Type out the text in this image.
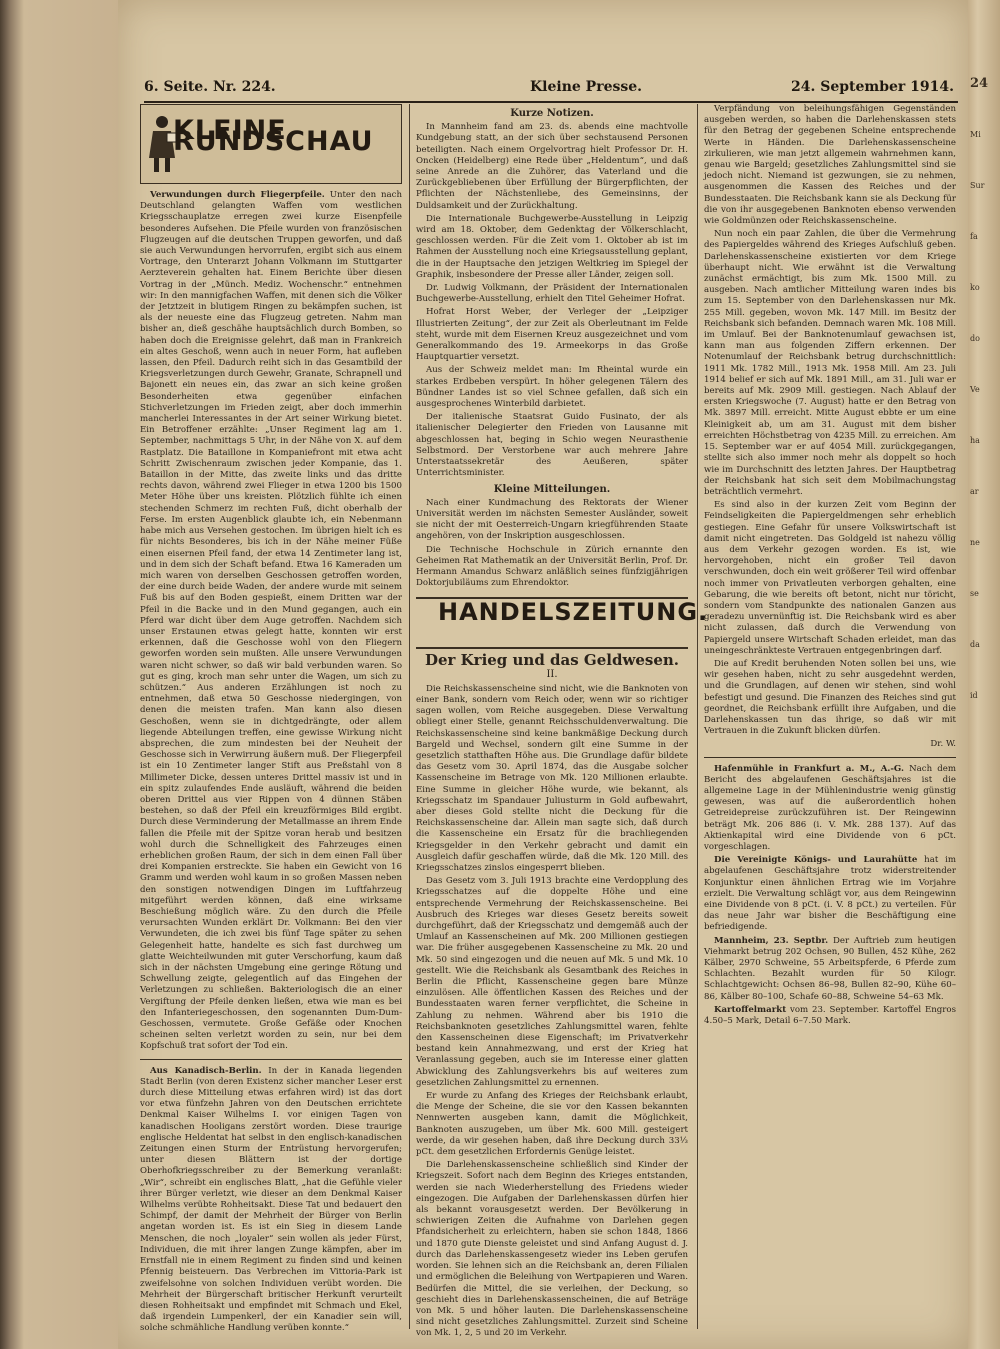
24
Mi
Sur
fa
ko
do
Ve
ha
ar
ne
se
da
id
6. Seite. Nr. 224.	Kleine Presse.	24. September 1914.
KLEINE RUNDSCHAU

Verwundungen durch Fliegerpfeile. Unter den nach Deutschland gelangten Waffen vom westlichen Kriegsschauplatze erregen zwei kurze Eisenpfeile besonderes Aufsehen. Die Pfeile wurden von französischen Flugzeugen auf die deutschen Truppen geworfen, und daß sie auch Verwundungen hervorrufen, ergibt sich aus einem Vortrage, den Unterarzt Johann Volkmann im Stuttgarter Aerzteverein gehalten hat. Einem Berichte über diesen Vortrag in der „Münch. Mediz. Wochenschr.“ entnehmen wir: In den mannigfachen Waffen, mit denen sich die Völker der Jetztzeit in blutigem Ringen zu bekämpfen suchen, ist als der neueste eine das Flugzeug getreten. Nahm man bisher an, dieß geschähe hauptsächlich durch Bomben, so haben doch die Ereignisse gelehrt, daß man in Frankreich ein altes Geschoß, wenn auch in neuer Form, hat aufleben lassen, den Pfeil. Dadurch reiht sich in das Gesamtbild der Kriegsverletzungen durch Gewehr, Granate, Schrapnell und Bajonett ein neues ein, das zwar an sich keine großen Besonderheiten etwa gegenüber einfachen Stichverletzungen im Frieden zeigt, aber doch immerhin mancherlei Interessantes in der Art seiner Wirkung bietet. Ein Betroffener erzählte: „Unser Regiment lag am 1. September, nachmittags 5 Uhr, in der Nähe von X. auf dem Rastplatz. Die Bataillone in Kompaniefront mit etwa acht Schritt Zwischenraum zwischen jeder Kompanie, das 1. Bataillon in der Mitte, das zweite links und das dritte rechts davon, während zwei Flieger in etwa 1200 bis 1500 Meter Höhe über uns kreisten. Plötzlich fühlte ich einen stechenden Schmerz im rechten Fuß, dicht oberhalb der Ferse. Im ersten Augenblick glaubte ich, ein Nebenmann habe mich aus Versehen gestochen. Im übrigen hielt ich es für nichts Besonderes, bis ich in der Nähe meiner Füße einen eisernen Pfeil fand, der etwa 14 Zentimeter lang ist, und in dem sich der Schaft befand. Etwa 16 Kameraden um mich waren von derselben Geschossen getroffen worden, der eine durch beide Waden, der andere wurde mit seinem Fuß bis auf den Boden gespießt, einem Dritten war der Pfeil in die Backe und in den Mund gegangen, auch ein Pferd war dicht über dem Auge getroffen. Nachdem sich unser Erstaunen etwas gelegt hatte, konnten wir erst erkennen, daß die Geschosse wohl von den Fliegern geworfen worden sein mußten. Alle unsere Verwundungen waren nicht schwer, so daß wir bald verbunden waren. So gut es ging, kroch man sehr unter die Wagen, um sich zu schützen.“ Aus anderen Erzählungen ist noch zu entnehmen, daß etwa 50 Geschosse niedergingen, von denen die meisten trafen. Man kann also diesen Geschoßen, wenn sie in dichtgedrängte, oder allem liegende Abteilungen treffen, eine gewisse Wirkung nicht absprechen, die zum mindesten bei der Neuheit der Geschosse sich in Verwirrung äußern muß. Der Fliegerpfeil ist ein 10 Zentimeter langer Stift aus Preßstahl von 8 Millimeter Dicke, dessen unteres Drittel massiv ist und in ein spitz zulaufendes Ende ausläuft, während die beiden oberen Drittel aus vier Rippen von 4 dünnen Stäben bestehen, so daß der Pfeil ein kreuzförmiges Bild ergibt. Durch diese Verminderung der Metallmasse an ihrem Ende fallen die Pfeile mit der Spitze voran herab und besitzen wohl durch die Schnelligkeit des Fahrzeuges einen erheblichen großen Raum, der sich in dem einen Fall über drei Kompanien erstreckte. Sie haben ein Gewicht von 16 Gramm und werden wohl kaum in so großen Massen neben den sonstigen notwendigen Dingen im Luftfahrzeug mitgeführt werden können, daß eine wirksame Beschießung möglich wäre. Zu den durch die Pfeile verursachten Wunden erklärt Dr. Volkmann: Bei den vier Verwundeten, die ich zwei bis fünf Tage später zu sehen Gelegenheit hatte, handelte es sich fast durchweg um glatte Weichteilwunden mit guter Verschorfung, kaum daß sich in der nächsten Umgebung eine geringe Rötung und Schwellung zeigte, gelegentlich auf das Eingehen der Verletzungen zu schließen. Bakteriologisch die an einer Vergiftung der Pfeile denken ließen, etwa wie man es bei den Infanteriegeschossen, den sogenannten Dum-Dum-Geschossen, vermutete. Große Gefäße oder Knochen scheinen selten verletzt worden zu sein, nur bei dem Kopfschuß trat sofort der Tod ein.

Aus Kanadisch-Berlin. In der in Kanada liegenden Stadt Berlin (von deren Existenz sicher mancher Leser erst durch diese Mitteilung etwas erfahren wird) ist das dort vor etwa fünfzehn Jahren von den Deutschen errichtete Denkmal Kaiser Wilhelms I. vor einigen Tagen von kanadischen Hooligans zerstört worden. Diese traurige englische Heldentat hat selbst in den englisch-kanadischen Zeitungen einen Sturm der Entrüstung hervorgerufen; unter diesen Blättern ist der dortige Oberhofkriegsschreiber zu der Bemerkung veranlaßt: „Wir“, schreibt ein englisches Blatt, „hat die Gefühle vieler ihrer Bürger verletzt, wie dieser an dem Denkmal Kaiser Wilhelms verübte Rohheitsakt. Diese Tat und bedauert den Schimpf, der damit der Mehrheit der Bürger von Berlin angetan worden ist. Es ist ein Sieg in diesem Lande Menschen, die noch „loyaler“ sein wollen als jeder Fürst, Individuen, die mit ihrer langen Zunge kämpfen, aber im Ernstfall nie in einem Regiment zu finden sind und keinen Pfennig beisteuern. Das Verbrechen im Vittoria-Park ist zweifelsohne von solchen Individuen verübt worden. Die Mehrheit der Bürgerschaft britischer Herkunft verurteilt diesen Rohheitsakt und empfindet mit Schmach und Ekel, daß irgendein Lumpenkerl, der ein Kanadier sein will, solche schmähliche Handlung verüben konnte.“

Kurze Notizen.

In Mannheim fand am 23. ds. abends eine machtvolle Kundgebung statt, an der sich über sechstausend Personen beteiligten. Nach einem Orgelvortrag hielt Professor Dr. H. Oncken (Heidelberg) eine Rede über „Heldentum“, und daß seine Anrede an die Zuhörer, das Vaterland und die Zurückgebliebenen über Erfüllung der Bürgerpflichten, der Pflichten der Nächstenliebe, des Gemeinsinns, der Duldsamkeit und der Zurückhaltung.

Die Internationale Buchgewerbe-Ausstellung in Leipzig wird am 18. Oktober, dem Gedenktag der Völkerschlacht, geschlossen werden. Für die Zeit vom 1. Oktober ab ist im Rahmen der Ausstellung noch eine Kriegsausstellung geplant, die in der Hauptsache den jetzigen Weltkrieg im Spiegel der Graphik, insbesondere der Presse aller Länder, zeigen soll.

Dr. Ludwig Volkmann, der Präsident der Internationalen Buchgewerbe-Ausstellung, erhielt den Titel Geheimer Hofrat.

Hofrat Horst Weber, der Verleger der „Leipziger Illustrierten Zeitung“, der zur Zeit als Oberleutnant im Felde steht, wurde mit dem Eisernen Kreuz ausgezeichnet und vom Generalkommando des 19. Armeekorps in das Große Hauptquartier versetzt.

Aus der Schweiz meldet man: Im Rheintal wurde ein starkes Erdbeben verspürt. In höher gelegenen Tälern des Bündner Landes ist so viel Schnee gefallen, daß sich ein ausgesprochenes Winterbild darbietet.

Der italienische Staatsrat Guido Fusinato, der als italienischer Delegierter den Frieden von Lausanne mit abgeschlossen hat, beging in Schio wegen Neurasthenie Selbstmord. Der Verstorbene war auch mehrere Jahre Unterstaatssekretär des Aeußeren, später Unterrichtsminister.

Kleine Mitteilungen.

Nach einer Kundmachung des Rektorats der Wiener Universität werden im nächsten Semester Ausländer, soweit sie nicht der mit Oesterreich-Ungarn kriegführenden Staate angehören, von der Inskription ausgeschlossen.

Die Technische Hochschule in Zürich ernannte den Geheimen Rat Mathematik an der Universität Berlin, Prof. Dr. Hermann Amandus Schwarz anläßlich seines fünfzigjährigen Doktorjubiläums zum Ehrendoktor.

HANDELSZEITUNG.
Der Krieg und das Geldwesen.
II.

Die Reichskassenscheine sind nicht, wie die Banknoten von einer Bank, sondern vom Reich oder, wenn wir so richtiger sagen wollen, vom Reiche ausgegeben. Diese Verwaltung obliegt einer Stelle, genannt Reichsschuldenverwaltung. Die Reichskassenscheine sind keine bankmäßige Deckung durch Bargeld und Wechsel, sondern gilt eine Summe in der gesetzlich statthaften Höhe aus. Die Grundlage dafür bildete das Gesetz vom 30. April 1874, das die Ausgabe solcher Kassenscheine im Betrage von Mk. 120 Millionen erlaubte. Eine Summe in gleicher Höhe wurde, wie bekannt, als Kriegsschatz im Spandauer Juliusturm in Gold aufbewahrt, aber dieses Gold stellte nicht die Deckung für die Reichskassenscheine dar. Allein man sagte sich, daß durch die Kassenscheine ein Ersatz für die brachliegenden Kriegsgelder in den Verkehr gebracht und damit ein Ausgleich dafür geschaffen würde, daß die Mk. 120 Mill. des Kriegsschatzes zinslos eingesperrt blieben.

Das Gesetz vom 3. Juli 1913 brachte eine Verdopplung des Kriegsschatzes auf die doppelte Höhe und eine entsprechende Vermehrung der Reichskassenscheine. Bei Ausbruch des Krieges war dieses Gesetz bereits soweit durchgeführt, daß der Kriegsschatz und demgemäß auch der Umlauf an Kassenscheinen auf Mk. 200 Millionen gestiegen war. Die früher ausgegebenen Kassenscheine zu Mk. 20 und Mk. 50 sind eingezogen und die neuen auf Mk. 5 und Mk. 10 gestellt. Wie die Reichsbank als Gesamtbank des Reiches in Berlin die Pflicht, Kassenscheine gegen bare Münze einzulösen. Alle öffentlichen Kassen des Reiches und der Bundesstaaten waren ferner verpflichtet, die Scheine in Zahlung zu nehmen. Während aber bis 1910 die Reichsbanknoten gesetzliches Zahlungsmittel waren, fehlte den Kassenscheinen diese Eigenschaft; im Privatverkehr bestand kein Annahmezwang, und erst der Krieg hat Veranlassung gegeben, auch sie im Interesse einer glatten Abwicklung des Zahlungsverkehrs bis auf weiteres zum gesetzlichen Zahlungsmittel zu ernennen.

Er wurde zu Anfang des Krieges der Reichsbank erlaubt, die Menge der Scheine, die sie vor den Kassen bekannten Nennwerten ausgeben kann, damit die Möglichkeit, Banknoten auszugeben, um über Mk. 600 Mill. gesteigert werde, da wir gesehen haben, daß ihre Deckung durch 33⅓ pCt. dem gesetzlichen Erfordernis Genüge leistet.

Die Darlehenskassenscheine schließlich sind Kinder der Kriegszeit. Sofort nach dem Beginn des Krieges entstanden, werden sie nach Wiederherstellung des Friedens wieder eingezogen. Die Aufgaben der Darlehenskassen dürfen hier als bekannt vorausgesetzt werden. Der Bevölkerung in schwierigen Zeiten die Aufnahme von Darlehen gegen Pfandsicherheit zu erleichtern, haben sie schon 1848, 1866 und 1870 gute Dienste geleistet und sind Anfang August d. J. durch das Darlehenskassengesetz wieder ins Leben gerufen worden. Sie lehnen sich an die Reichsbank an, deren Filialen und ermöglichen die Beleihung von Wertpapieren und Waren. Bedürfen die Mittel, die sie verleihen, der Deckung, so geschieht dies in Darlehenskassenscheinen, die auf Beträge von Mk. 5 und höher lauten. Die Darlehenskassenscheine sind nicht gesetzliches Zahlungsmittel. Zurzeit sind Scheine von Mk. 1, 2, 5 und 20 im Verkehr.

Verpfändung von beleihungsfähigen Gegenständen ausgeben werden, so haben die Darlehenskassen stets für den Betrag der gegebenen Scheine entsprechende Werte in Händen. Die Darlehenskassenscheine zirkulieren, wie man jetzt allgemein wahrnehmen kann, genau wie Bargeld; gesetzliches Zahlungsmittel sind sie jedoch nicht. Niemand ist gezwungen, sie zu nehmen, ausgenommen die Kassen des Reiches und der Bundesstaaten. Die Reichsbank kann sie als Deckung für die von ihr ausgegebenen Banknoten ebenso verwenden wie Goldmünzen oder Reichskassenscheine.

Nun noch ein paar Zahlen, die über die Vermehrung des Papiergeldes während des Krieges Aufschluß geben. Darlehenskassenscheine existierten vor dem Kriege überhaupt nicht. Wie erwähnt ist die Verwaltung zunächst ermächtigt, bis zum Mk. 1500 Mill. zu ausgeben. Nach amtlicher Mitteilung waren indes bis zum 15. September von den Darlehenskassen nur Mk. 255 Mill. gegeben, wovon Mk. 147 Mill. im Besitz der Reichsbank sich befanden. Demnach waren Mk. 108 Mill. im Umlauf. Bei der Banknotenumlauf gewachsen ist, kann man aus folgenden Ziffern erkennen. Der Notenumlauf der Reichsbank betrug durchschnittlich: 1911 Mk. 1782 Mill., 1913 Mk. 1958 Mill. Am 23. Juli 1914 belief er sich auf Mk. 1891 Mill., am 31. Juli war er bereits auf Mk. 2909 Mill. gestiegen. Nach Ablauf der ersten Kriegswoche (7. August) hatte er den Betrag von Mk. 3897 Mill. erreicht. Mitte August ebbte er um eine Kleinigkeit ab, um am 31. August mit dem bisher erreichten Höchstbetrag von 4235 Mill. zu erreichen. Am 15. September war er auf 4054 Mill. zurückgegangen, stellte sich also immer noch mehr als doppelt so hoch wie im Durchschnitt des letzten Jahres. Der Hauptbetrag der Reichsbank hat sich seit dem Mobilmachungstag beträchtlich vermehrt.

Es sind also in der kurzen Zeit vom Beginn der Feindseligkeiten die Papiergeldmengen sehr erheblich gestiegen. Eine Gefahr für unsere Volkswirtschaft ist damit nicht eingetreten. Das Goldgeld ist nahezu völlig aus dem Verkehr gezogen worden. Es ist, wie hervorgehoben, nicht ein großer Teil davon verschwunden, doch ein weit größerer Teil wird offenbar noch immer von Privatleuten verborgen gehalten, eine Gebarung, die wie bereits oft betont, nicht nur töricht, sondern vom Standpunkte des nationalen Ganzen aus geradezu unvernünftig ist. Die Reichsbank wird es aber nicht zulassen, daß durch die Verwendung von Papiergeld unsere Wirtschaft Schaden erleidet, man das uneingeschränkteste Vertrauen entgegenbringen darf.

Die auf Kredit beruhenden Noten sollen bei uns, wie wir gesehen haben, nicht zu sehr ausgedehnt werden, und die Grundlagen, auf denen wir stehen, sind wohl befestigt und gesund. Die Finanzen des Reiches sind gut geordnet, die Reichsbank erfüllt ihre Aufgaben, und die Darlehenskassen tun das ihrige, so daß wir mit Vertrauen in die Zukunft blicken dürfen.

Dr. W.

Hafenmühle in Frankfurt a. M., A.-G. Nach dem Bericht des abgelaufenen Geschäftsjahres ist die allgemeine Lage in der Mühlenindustrie wenig günstig gewesen, was auf die außerordentlich hohen Getreidepreise zurückzuführen ist. Der Reingewinn beträgt Mk. 206 886 (i. V. Mk. 288 137). Auf das Aktienkapital wird eine Dividende von 6 pCt. vorgeschlagen.

Die Vereinigte Königs- und Laurahütte hat im abgelaufenen Geschäftsjahre trotz widerstreitender Konjunktur einen ähnlichen Ertrag wie im Vorjahre erzielt. Die Verwaltung schlägt vor, aus dem Reingewinn eine Dividende von 8 pCt. (i. V. 8 pCt.) zu verteilen. Für das neue Jahr war bisher die Beschäftigung eine befriedigende.

Mannheim, 23. Septbr. Der Auftrieb zum heutigen Viehmarkt betrug 202 Ochsen, 90 Bullen, 452 Kühe, 262 Kälber, 2970 Schweine, 55 Arbeitspferde, 6 Pferde zum Schlachten. Bezahlt wurden für 50 Kilogr. Schlachtgewicht: Ochsen 86–98, Bullen 82–90, Kühe 60–86, Kälber 80–100, Schafe 60–88, Schweine 54–63 Mk.

Kartoffelmarkt vom 23. September. Kartoffel Engros 4.50–5 Mark, Detail 6–7.50 Mark.
